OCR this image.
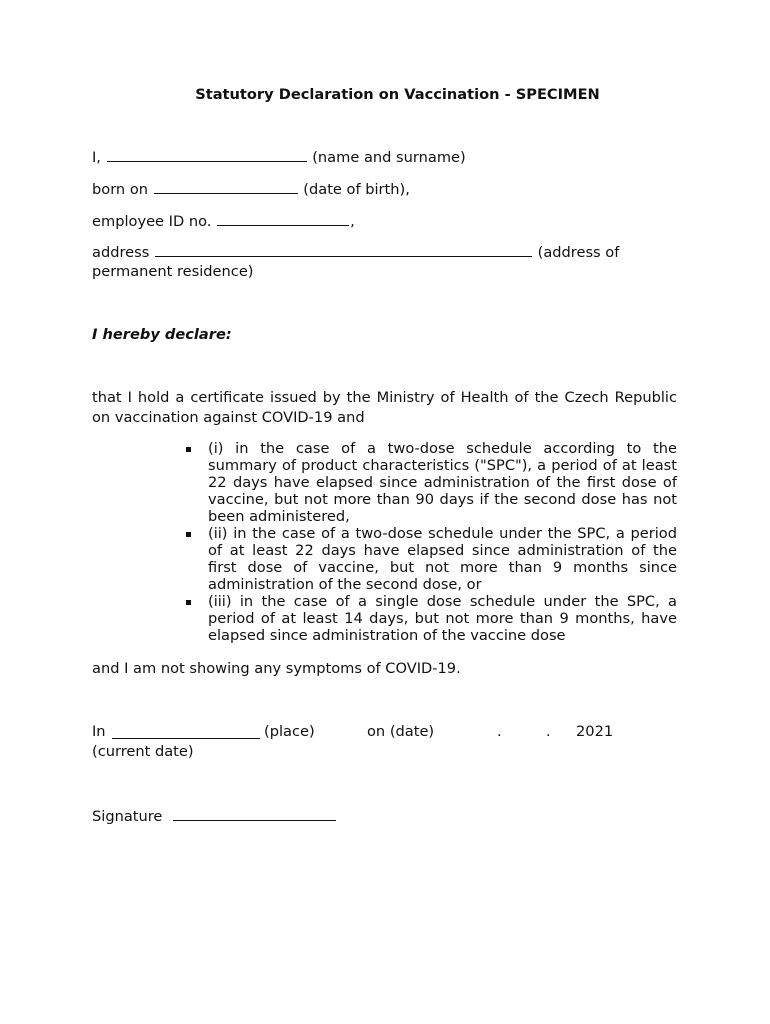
Statutory Declaration on Vaccination - SPECIMEN
I,	(name and surname)
born on	(date of birth),
employee ID no.	,
address	(address of
permanent residence)
I hereby declare:
that I hold a certificate issued by the Ministry of Health of the Czech Republic on vaccination against COVID-19 and
(i) in the case of a two-dose schedule according to the summary of product characteristics ("SPC"), a period of at least 22 days have elapsed since administration of the first dose of vaccine, but not more than 90 days if the second dose has not been administered,
(ii) in the case of a two-dose schedule under the SPC, a period of at least 22 days have elapsed since administration of the first dose of vaccine, but not more than 9 months since administration of the second dose, or
(iii) in the case of a single dose schedule under the SPC, a period of at least 14 days, but not more than 9 months, have elapsed since administration of the vaccine dose
and I am not showing any symptoms of COVID-19.
In	(place)	on (date)	.	. 2021
(current date)
Signature
